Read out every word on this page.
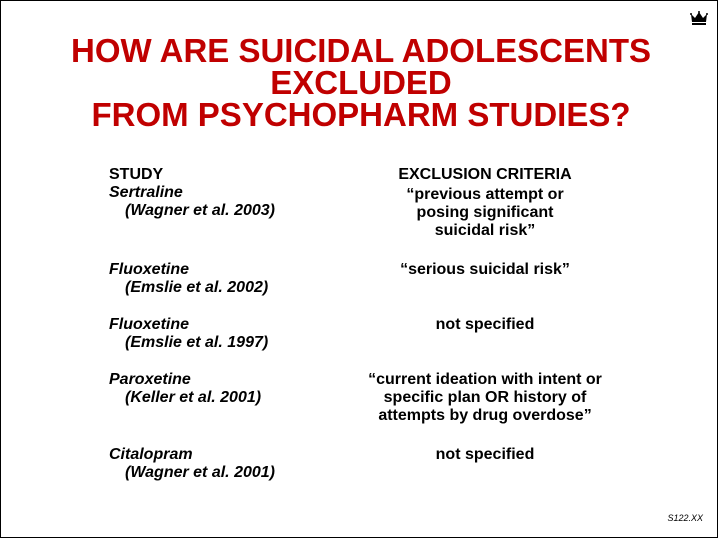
HOW ARE SUICIDAL ADOLESCENTS
EXCLUDED
FROM PSYCHOPHARM STUDIES?
STUDY	EXCLUSION CRITERIA
Sertraline
(Wagner et al. 2003)
“previous attempt or
posing significant
suicidal risk”
Fluoxetine
(Emslie et al. 2002)
“serious suicidal risk”
Fluoxetine
(Emslie et al. 1997)
not specified
Paroxetine
(Keller et al. 2001)
“current ideation with intent or
specific plan OR history of
attempts by drug overdose”
Citalopram
(Wagner et al. 2001)
not specified
S122.XX
